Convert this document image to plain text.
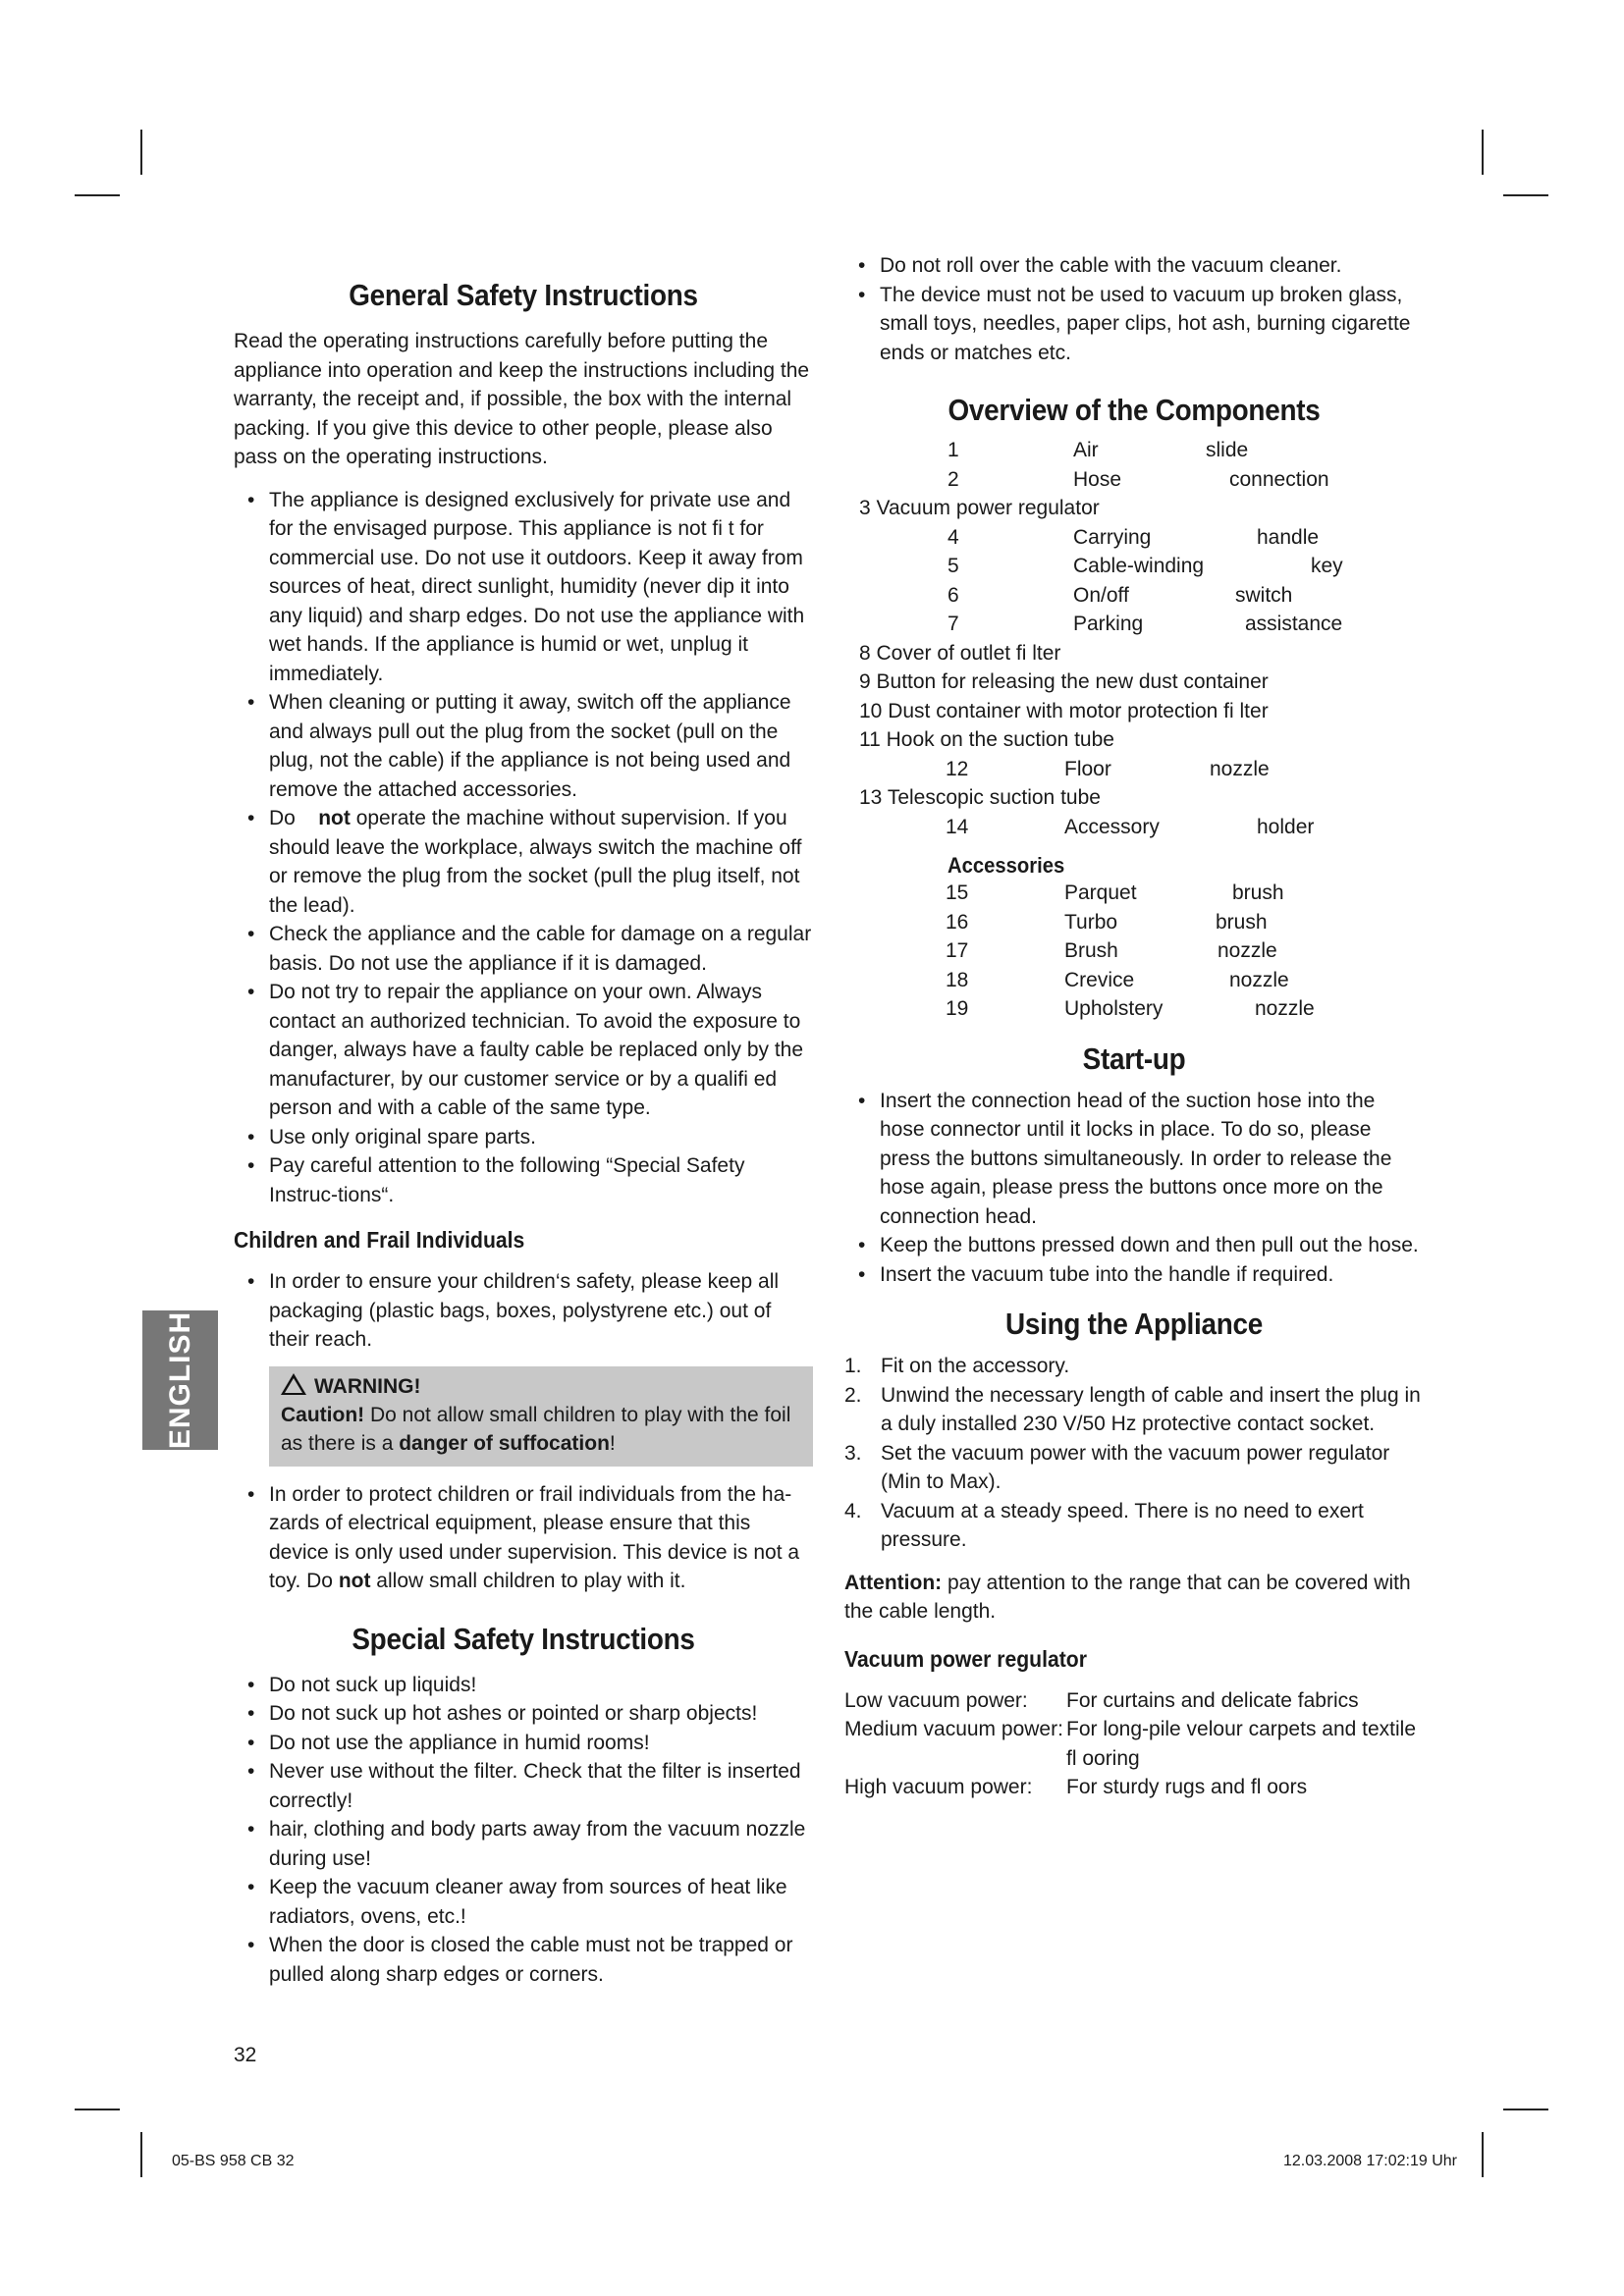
ENGLISH
General Safety Instructions

Read the operating instructions carefully before putting the appliance into operation and keep the instructions including the warranty, the receipt and, if possible, the box with the internal packing. If you give this device to other people, please also pass on the operating instructions.

• The appliance is designed exclusively for private use and for the envisaged purpose. This appliance is not fi t for commercial use. Do not use it outdoors. Keep it away from sources of heat, direct sunlight, humidity (never dip it into any liquid) and sharp edges. Do not use the appliance with wet hands. If the appliance is humid or wet, unplug it immediately.
• When cleaning or putting it away, switch off the appliance and always pull out the plug from the socket (pull on the plug, not the cable) if the appliance is not being used and remove the attached accessories.
• Do not operate the machine without supervision. If you should leave the workplace, always switch the machine off or remove the plug from the socket (pull the plug itself, not the lead).
• Check the appliance and the cable for damage on a regular basis. Do not use the appliance if it is damaged.
• Do not try to repair the appliance on your own. Always contact an authorized technician. To avoid the exposure to danger, always have a faulty cable be replaced only by the manufacturer, by our customer service or by a qualifi ed person and with a cable of the same type.
• Use only original spare parts.
• Pay careful attention to the following “Special Safety Instruc-tions“.
Children and Frail Individuals
• In order to ensure your children‘s safety, please keep all packaging (plastic bags, boxes, polystyrene etc.) out of their reach.
WARNING!
Caution! Do not allow small children to play with the foil as there is a danger of suffocation!
• In order to protect children or frail individuals from the ha-zards of electrical equipment, please ensure that this device is only used under supervision. This device is not a toy. Do not allow small children to play with it.
Special Safety Instructions
• Do not suck up liquids!
• Do not suck up hot ashes or pointed or sharp objects!
• Do not use the appliance in humid rooms!
• Never use without the filter. Check that the filter is inserted correctly!
• hair, clothing and body parts away from the vacuum nozzle during use!
• Keep the vacuum cleaner away from sources of heat like radiators, ovens, etc.!
• When the door is closed the cable must not be trapped or pulled along sharp edges or corners.
• Do not roll over the cable with the vacuum cleaner.
• The device must not be used to vacuum up broken glass, small toys, needles, paper clips, hot ash, burning cigarette ends or matches etc.
Overview of the Components
1	Air	slide
2	Hose	connection
3 Vacuum power regulator
4	Carrying	handle
5	Cable-winding	key
6	On/off	switch
7	Parking	assistance
8 Cover of outlet fi lter
9 Button for releasing the new dust container
10 Dust container with motor protection fi lter
11 Hook on the suction tube
12	Floor	nozzle
13 Telescopic suction tube
14	Accessory	holder
Accessories
15	Parquet	brush
16	Turbo	brush
17	Brush	nozzle
18	Crevice	nozzle
19	Upholstery	nozzle
Start-up
• Insert the connection head of the suction hose into the hose connector until it locks in place. To do so, please press the buttons simultaneously. In order to release the hose again, please press the buttons once more on the connection head.
• Keep the buttons pressed down and then pull out the hose.
• Insert the vacuum tube into the handle if required.
Using the Appliance
1. Fit on the accessory.
2. Unwind the necessary length of cable and insert the plug in a duly installed 230 V/50 Hz protective contact socket.
3. Set the vacuum power with the vacuum power regulator (Min to Max).
4. Vacuum at a steady speed. There is no need to exert pressure.

Attention: pay attention to the range that can be covered with the cable length.

Vacuum power regulator
Low vacuum power: For curtains and delicate fabrics
Medium vacuum power: For long-pile velour carpets and textile
fl ooring
High vacuum power: For sturdy rugs and fl oors
32
05-BS 958 CB 32	12.03.2008 17:02:19 Uhr
